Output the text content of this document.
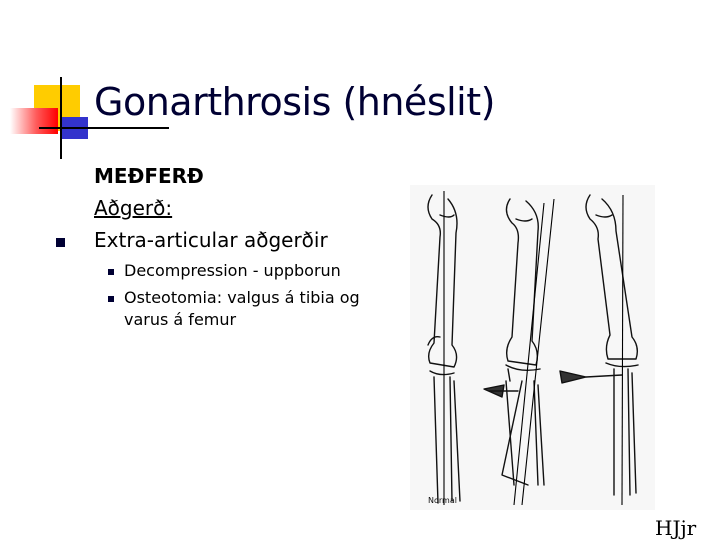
Gonarthrosis (hnéslit)
MEÐFERÐ
Aðgerð:
Extra-articular aðgerðir
Decompression - uppborun
Osteotomia: valgus á tibia og varus á femur
Normal
HJjr
